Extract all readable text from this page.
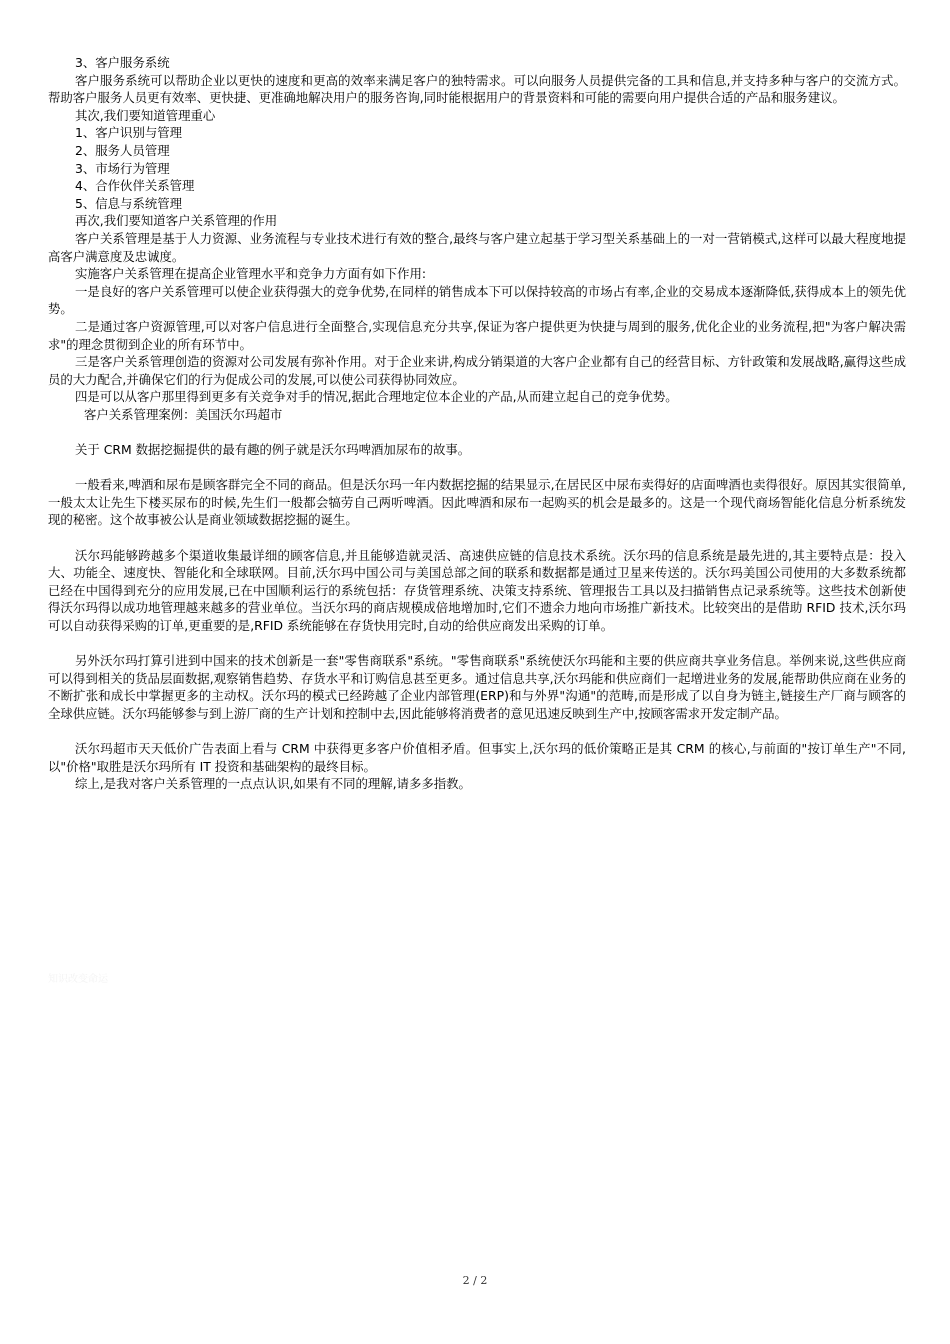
3、客户服务系统

客户服务系统可以帮助企业以更快的速度和更高的效率来满足客户的独特需求。可以向服务人员提供完备的工具和信息,并支持多种与客户的交流方式。帮助客户服务人员更有效率、更快捷、更准确地解决用户的服务咨询,同时能根据用户的背景资料和可能的需要向用户提供合适的产品和服务建议。

其次,我们要知道管理重心

1、客户识别与管理

2、服务人员管理

3、市场行为管理

4、合作伙伴关系管理

5、信息与系统管理

再次,我们要知道客户关系管理的作用

客户关系管理是基于人力资源、业务流程与专业技术进行有效的整合,最终与客户建立起基于学习型关系基础上的一对一营销模式,这样可以最大程度地提高客户满意度及忠诚度。

实施客户关系管理在提高企业管理水平和竞争力方面有如下作用:

一是良好的客户关系管理可以使企业获得强大的竞争优势,在同样的销售成本下可以保持较高的市场占有率,企业的交易成本逐渐降低,获得成本上的领先优势。

二是通过客户资源管理,可以对客户信息进行全面整合,实现信息充分共享,保证为客户提供更为快捷与周到的服务,优化企业的业务流程,把"为客户解决需求"的理念贯彻到企业的所有环节中。

三是客户关系管理创造的资源对公司发展有弥补作用。对于企业来讲,构成分销渠道的大客户企业都有自己的经营目标、方针政策和发展战略,赢得这些成员的大力配合,并确保它们的行为促成公司的发展,可以使公司获得协同效应。

四是可以从客户那里得到更多有关竞争对手的情况,据此合理地定位本企业的产品,从而建立起自己的竞争优势。

客户关系管理案例：美国沃尔玛超市

关于 CRM 数据挖掘提供的最有趣的例子就是沃尔玛啤酒加尿布的故事。

一般看来,啤酒和尿布是顾客群完全不同的商品。但是沃尔玛一年内数据挖掘的结果显示,在居民区中尿布卖得好的店面啤酒也卖得很好。原因其实很简单,一般太太让先生下楼买尿布的时候,先生们一般都会犒劳自己两听啤酒。因此啤酒和尿布一起购买的机会是最多的。这是一个现代商场智能化信息分析系统发现的秘密。这个故事被公认是商业领域数据挖掘的诞生。

沃尔玛能够跨越多个渠道收集最详细的顾客信息,并且能够造就灵活、高速供应链的信息技术系统。沃尔玛的信息系统是最先进的,其主要特点是：投入大、功能全、速度快、智能化和全球联网。目前,沃尔玛中国公司与美国总部之间的联系和数据都是通过卫星来传送的。沃尔玛美国公司使用的大多数系统都已经在中国得到充分的应用发展,已在中国顺利运行的系统包括：存货管理系统、决策支持系统、管理报告工具以及扫描销售点记录系统等。这些技术创新使得沃尔玛得以成功地管理越来越多的营业单位。当沃尔玛的商店规模成倍地增加时,它们不遗余力地向市场推广新技术。比较突出的是借助 RFID 技术,沃尔玛可以自动获得采购的订单,更重要的是,RFID 系统能够在存货快用完时,自动的给供应商发出采购的订单。

另外沃尔玛打算引进到中国来的技术创新是一套"零售商联系"系统。"零售商联系"系统使沃尔玛能和主要的供应商共享业务信息。举例来说,这些供应商可以得到相关的货品层面数据,观察销售趋势、存货水平和订购信息甚至更多。通过信息共享,沃尔玛能和供应商们一起增进业务的发展,能帮助供应商在业务的不断扩张和成长中掌握更多的主动权。沃尔玛的模式已经跨越了企业内部管理(ERP)和与外界"沟通"的范畴,而是形成了以自身为链主,链接生产厂商与顾客的全球供应链。沃尔玛能够参与到上游厂商的生产计划和控制中去,因此能够将消费者的意见迅速反映到生产中,按顾客需求开发定制产品。

沃尔玛超市天天低价广告表面上看与 CRM 中获得更多客户价值相矛盾。但事实上,沃尔玛的低价策略正是其 CRM 的核心,与前面的"按订单生产"不同,以"价格"取胜是沃尔玛所有 IT 投资和基础架构的最终目标。

综上,是我对客户关系管理的一点点认识,如果有不同的理解,请多多指教。

知识改变命运
2 / 2
